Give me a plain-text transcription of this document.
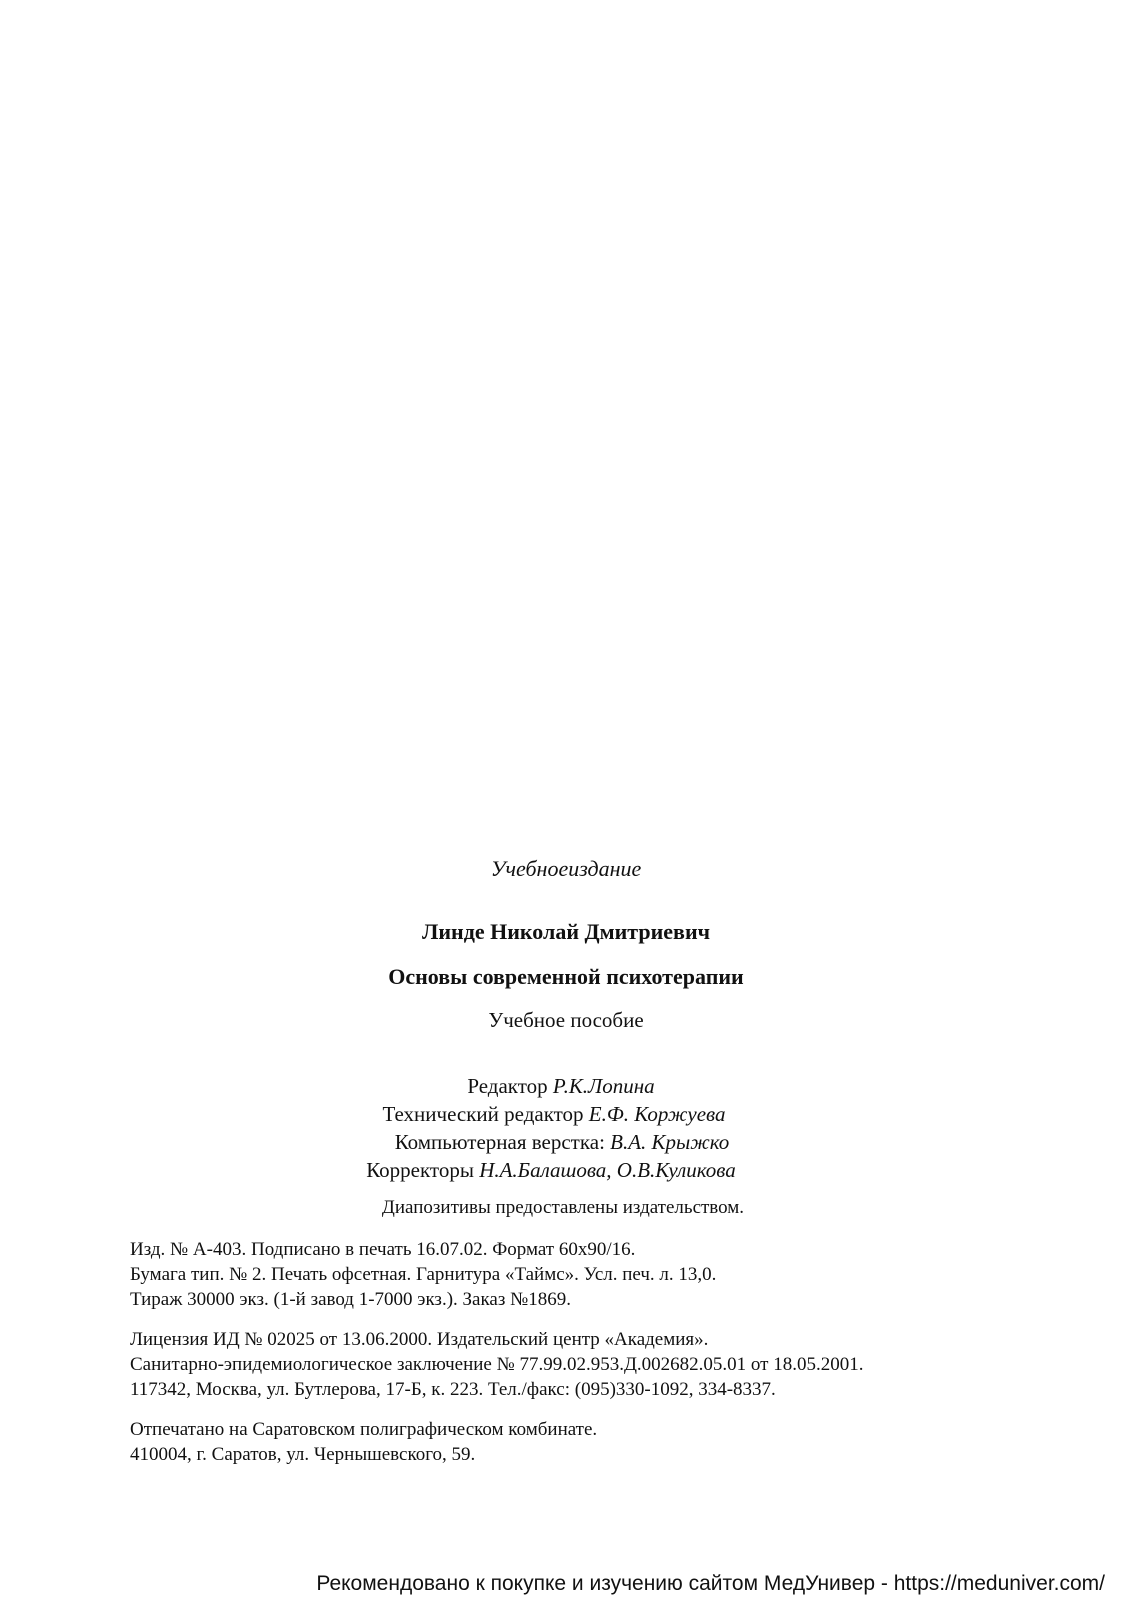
Учебноеиздание
Линде Николай Дмитриевич
Основы современной психотерапии
Учебное пособие
Редактор Р.К.Лопина
Технический редактор Е.Ф. Коржуева
Компьютерная верстка: В.А. Крыжко
Корректоры Н.А.Балашова, О.В.Куликова
Диапозитивы предоставлены издательством.
Изд. № А-403. Подписано в печать 16.07.02. Формат 60х90/16.
Бумага тип. № 2. Печать офсетная. Гарнитура «Таймс». Усл. печ. л. 13,0.
Тираж 30000 экз. (1-й завод 1-7000 экз.). Заказ №1869.
Лицензия ИД № 02025 от 13.06.2000. Издательский центр «Академия».
Санитарно-эпидемиологическое заключение № 77.99.02.953.Д.002682.05.01 от 18.05.2001.
117342, Москва, ул. Бутлерова, 17-Б, к. 223. Тел./факс: (095)330-1092, 334-8337.
Отпечатано на Саратовском полиграфическом комбинате.
410004, г. Саратов, ул. Чернышевского, 59.
Рекомендовано к покупке и изучению сайтом МедУнивер - https://meduniver.com/
